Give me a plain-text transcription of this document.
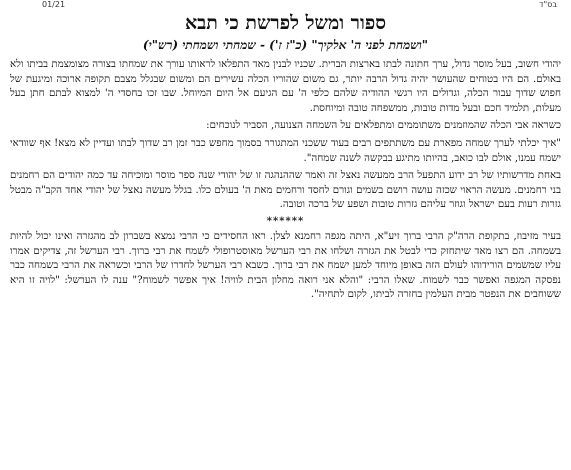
01/21	בס"ד
ספור ומשל לפרשת כי תבא
"ושמחת לפני ה' אלקיך" (כ"ז ז') - שמחתי ושמחתי (רש"י)

יהודי חשוב, בעל מוסר גדול, ערך חתונה לבתו בארצות הברית. שכניו לבנין מאד התפלאו לראותו עורך את שמחתו בצורה מצומצמת בביתו ולא באולם. הם היו בטוחים שהעושר יהיה גדול הרבה יותר, גם משום שהוריו הכלה עשירים הם ומשום שבגלל מצבם תקופה ארוכה ומיגעת של חפוש שדוך עבור הכלה, וגדולים היו רגשי ההודיה שלהם כלפי ה' עם הגיעם אל היום המיוחל. שבו זכו בחסדי ה' למצוא לבתם חתן בעל מעלות, תלמיד חכם ובעל מדות טובות, ממשפחה טובה ומיוחסת.

כשראה אבי הכלה שהמוזמנים משתוממים ומתפלאים על השמחה הצנועה, הסביר לנוכחים:

"איך יכלתי לערך שמחה מפארת עם משתתפים רבים בעוד ששכני המתגורר בסמוך מחפש כבר זמן רב שדוך לבתו ועדיין לא מצא! אף שוודאי ישמח עמנו, אולם לבו כואב, בהיותו מתיגע בבקשה לשנה שמחה".

באחת מדרשותיו של רב ידוע התפעל הרב ממעשה נאצל זה ואמר שההנהגה זו של יהודי שנה ספר מוסר ומוכיחה עד כמה יהודים הם רחמנים בני רחמנים. מעשה הראוי שכזה עושה רושם בשמים וגורם לחסד ורחמים מאת ה' בעולם כלו. בגלל מעשה נאצל של יהודי אחד הקב"ה מבטל גזרות רעות בעם ישראל וגוזר עליהם גזרות טובות ושפע של ברכה וטובה.

******

בעיר מזיבוז, בתקופת הרה"ק הרבי ברוך זיע"א, היתה מגפה רחמנא לצלן. ראו החסידים כי הרבי נמצא בשברון לב מהגזרה ואינו יכול להיות בשמחה. הם רצו מאד שיתחזק כדי לבטל את הגזרה ושלחו את רבי הערשל מאוסטרופולי לשמח את רבי ברוך. רבי הערשל זה, צדיקים אמרו עליו שמשמים הורידוהו לעולם הזה באופן מיוחד למען ישמח את רבי ברוך. כשבא רבי הערשל לחדרו של הרבי וכשראה את הרבי בשמחה כבר נפסקה המגפה ואפשר כבר לשמוח. שאלו הרבי: "והלא אני רואה מחלון הבית לוויה! איך אפשר לשמוח?" ענה לו הערשל: "לויה זו היא ששוחבים את הנפטר מבית העלמין בחזרה לביתו, לקום לתחיה".
